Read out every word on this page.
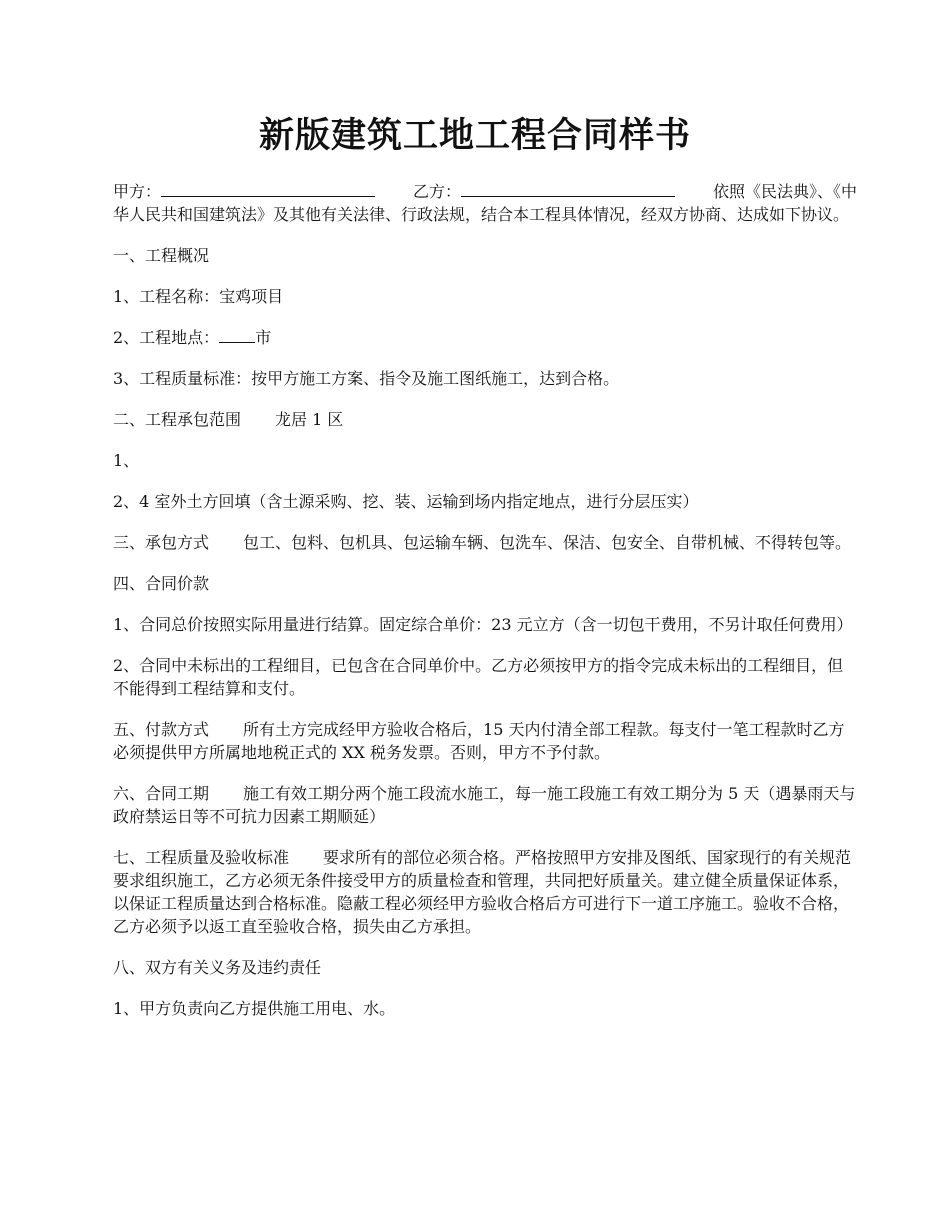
新版建筑工地工程合同样书

甲方：	乙方：	依照《民法典》、《中华人民共和国建筑法》及其他有关法律、行政法规，结合本工程具体情况，经双方协商、达成如下协议。

一、工程概况

1、工程名称：宝鸡项目

2、工程地点： 市

3、工程质量标准：按甲方施工方案、指令及施工图纸施工，达到合格。

二、工程承包范围 龙居 1 区

1、

2、4 室外土方回填（含土源采购、挖、装、运输到场内指定地点，进行分层压实）

三、承包方式 包工、包料、包机具、包运输车辆、包洗车、保洁、包安全、自带机械、不得转包等。

四、合同价款

1、合同总价按照实际用量进行结算。固定综合单价：23 元立方（含一切包干费用，不另计取任何费用）

2、合同中未标出的工程细目，已包含在合同单价中。乙方必须按甲方的指令完成未标出的工程细目，但不能得到工程结算和支付。

五、付款方式 所有土方完成经甲方验收合格后，15 天内付清全部工程款。每支付一笔工程款时乙方必须提供甲方所属地地税正式的 XX 税务发票。否则，甲方不予付款。

六、合同工期 施工有效工期分两个施工段流水施工，每一施工段施工有效工期分为 5 天（遇暴雨天与政府禁运日等不可抗力因素工期顺延）

七、工程质量及验收标准 要求所有的部位必须合格。严格按照甲方安排及图纸、国家现行的有关规范要求组织施工，乙方必须无条件接受甲方的质量检查和管理，共同把好质量关。建立健全质量保证体系，以保证工程质量达到合格标准。隐蔽工程必须经甲方验收合格后方可进行下一道工序施工。验收不合格，乙方必须予以返工直至验收合格，损失由乙方承担。

八、双方有关义务及违约责任

1、甲方负责向乙方提供施工用电、水。
